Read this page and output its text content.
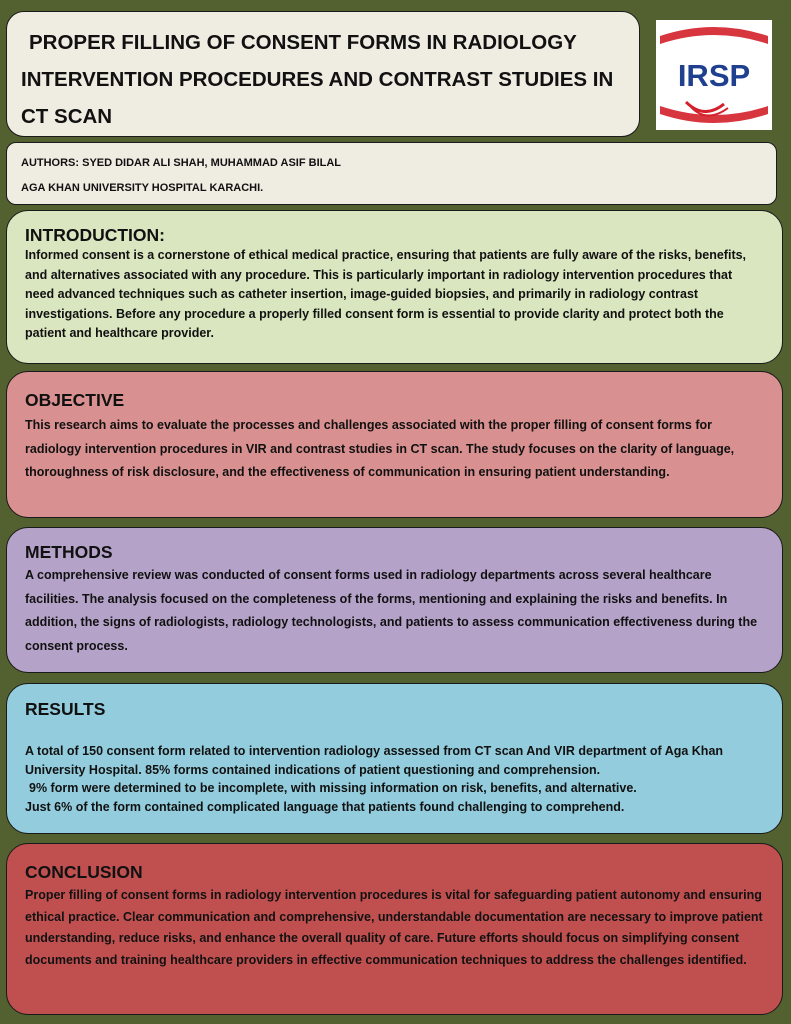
PROPER FILLING OF CONSENT FORMS IN RADIOLOGY INTERVENTION PROCEDURES AND CONTRAST STUDIES IN CT SCAN
IRSP
AUTHORS: SYED DIDAR ALI SHAH, MUHAMMAD ASIF BILAL
AGA KHAN UNIVERSITY HOSPITAL KARACHI.
INTRODUCTION:

Informed consent is a cornerstone of ethical medical practice, ensuring that patients are fully aware of the risks, benefits, and alternatives associated with any procedure. This is particularly important in radiology intervention procedures that need advanced techniques such as catheter insertion, image-guided biopsies, and primarily in radiology contrast investigations. Before any procedure a properly filled consent form is essential to provide clarity and protect both the patient and healthcare provider.

OBJECTIVE

This research aims to evaluate the processes and challenges associated with the proper filling of consent forms for radiology intervention procedures in VIR and contrast studies in CT scan. The study focuses on the clarity of language, thoroughness of risk disclosure, and the effectiveness of communication in ensuring patient understanding.

METHODS

A comprehensive review was conducted of consent forms used in radiology departments across several healthcare facilities. The analysis focused on the completeness of the forms, mentioning and explaining the risks and benefits. In addition, the signs of radiologists, radiology technologists, and patients to assess communication effectiveness during the consent process.

RESULTS

A total of 150 consent form related to intervention radiology assessed from CT scan And VIR department of Aga Khan University Hospital. 85% forms contained indications of patient questioning and comprehension.

9% form were determined to be incomplete, with missing information on risk, benefits, and alternative.

Just 6% of the form contained complicated language that patients found challenging to comprehend.

CONCLUSION

Proper filling of consent forms in radiology intervention procedures is vital for safeguarding patient autonomy and ensuring ethical practice. Clear communication and comprehensive, understandable documentation are necessary to improve patient understanding, reduce risks, and enhance the overall quality of care. Future efforts should focus on simplifying consent documents and training healthcare providers in effective communication techniques to address the challenges identified.
